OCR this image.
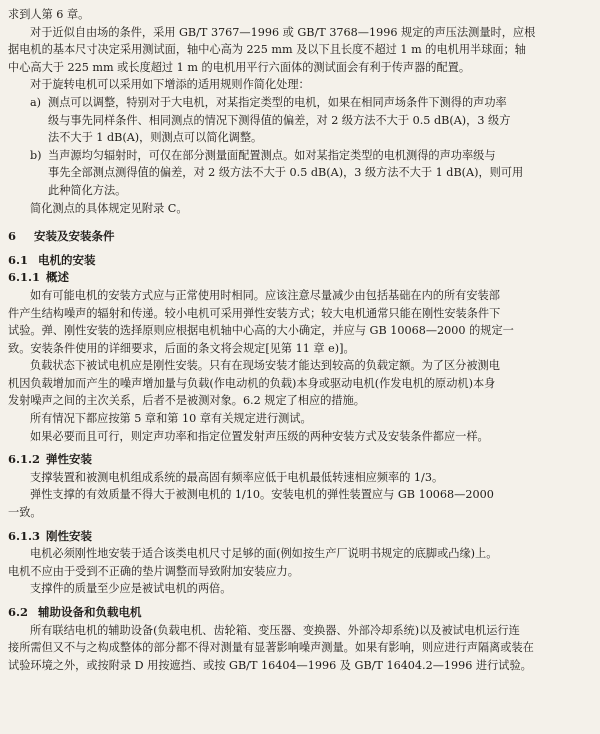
求到人第 6 章。

对于近似自由场的条件，采用 GB/T 3767—1996 或 GB/T 3768—1996 规定的声压法测量时，应根

据电机的基本尺寸决定采用测试面，轴中心高为 225 mm 及以下且长度不超过 1 m 的电机用半球面；轴

中心高大于 225 mm 或长度超过 1 m 的电机用平行六面体的测试面会有利于传声器的配置。

对于旋转电机可以采用如下增添的适用规则作简化处理：

a) 测点可以调整，特别对于大电机，对某指定类型的电机，如果在相同声场条件下测得的声功率

级与事先同样条件、相同测点的情况下测得值的偏差，对 2 级方法不大于 0.5 dB(A)，3 级方

法不大于 1 dB(A)，则测点可以简化调整。

b) 当声源均匀辐射时，可仅在部分测量面配置测点。如对某指定类型的电机测得的声功率级与

事先全部测点测得值的偏差，对 2 级方法不大于 0.5 dB(A)，3 级方法不大于 1 dB(A)，则可用

此种简化方法。

简化测点的具体规定见附录 C。

6 安装及安装条件

6.1 电机的安装

6.1.1 概述

如有可能电机的安装方式应与正常使用时相同。应该注意尽量减少由包括基础在内的所有安装部

件产生结构噪声的辐射和传递。较小电机可采用弹性安装方式；较大电机通常只能在刚性安装条件下

试验。弹、刚性安装的选择原则应根据电机轴中心高的大小确定，并应与 GB 10068—2000 的规定一

致。安装条件使用的详细要求，后面的条文将会规定[见第 11 章 e)]。

负载状态下被试电机应是刚性安装。只有在现场安装才能达到较高的负载定额。为了区分被测电

机因负载增加而产生的噪声增加量与负载(作电动机的负载)本身或驱动电机(作发电机的原动机)本身

发射噪声之间的主次关系，后者不是被测对象。6.2 规定了相应的措施。

所有情况下都应按第 5 章和第 10 章有关规定进行测试。

如果必要而且可行，则定声功率和指定位置发射声压级的两种安装方式及安装条件都应一样。

6.1.2 弹性安装

支撑装置和被测电机组成系统的最高固有频率应低于电机最低转速相应频率的 1/3。

弹性支撑的有效质量不得大于被测电机的 1/10。安装电机的弹性装置应与 GB 10068—2000

一致。

6.1.3 刚性安装

电机必须刚性地安装于适合该类电机尺寸足够的面(例如按生产厂说明书规定的底脚或凸缘)上。

电机不应由于受到不正确的垫片调整而导致附加安装应力。

支撑件的质量至少应是被试电机的两倍。

6.2 辅助设备和负载电机

所有联结电机的辅助设备(负载电机、齿轮箱、变压器、变换器、外部冷却系统)以及被试电机运行连

接所需但又不与之构成整体的部分都不得对测量有显著影响噪声测量。如果有影响，则应进行声隔离或装在

试验环境之外，或按附录 D 用按遮挡、或按 GB/T 16404—1996 及 GB/T 16404.2—1996 进行试验。
